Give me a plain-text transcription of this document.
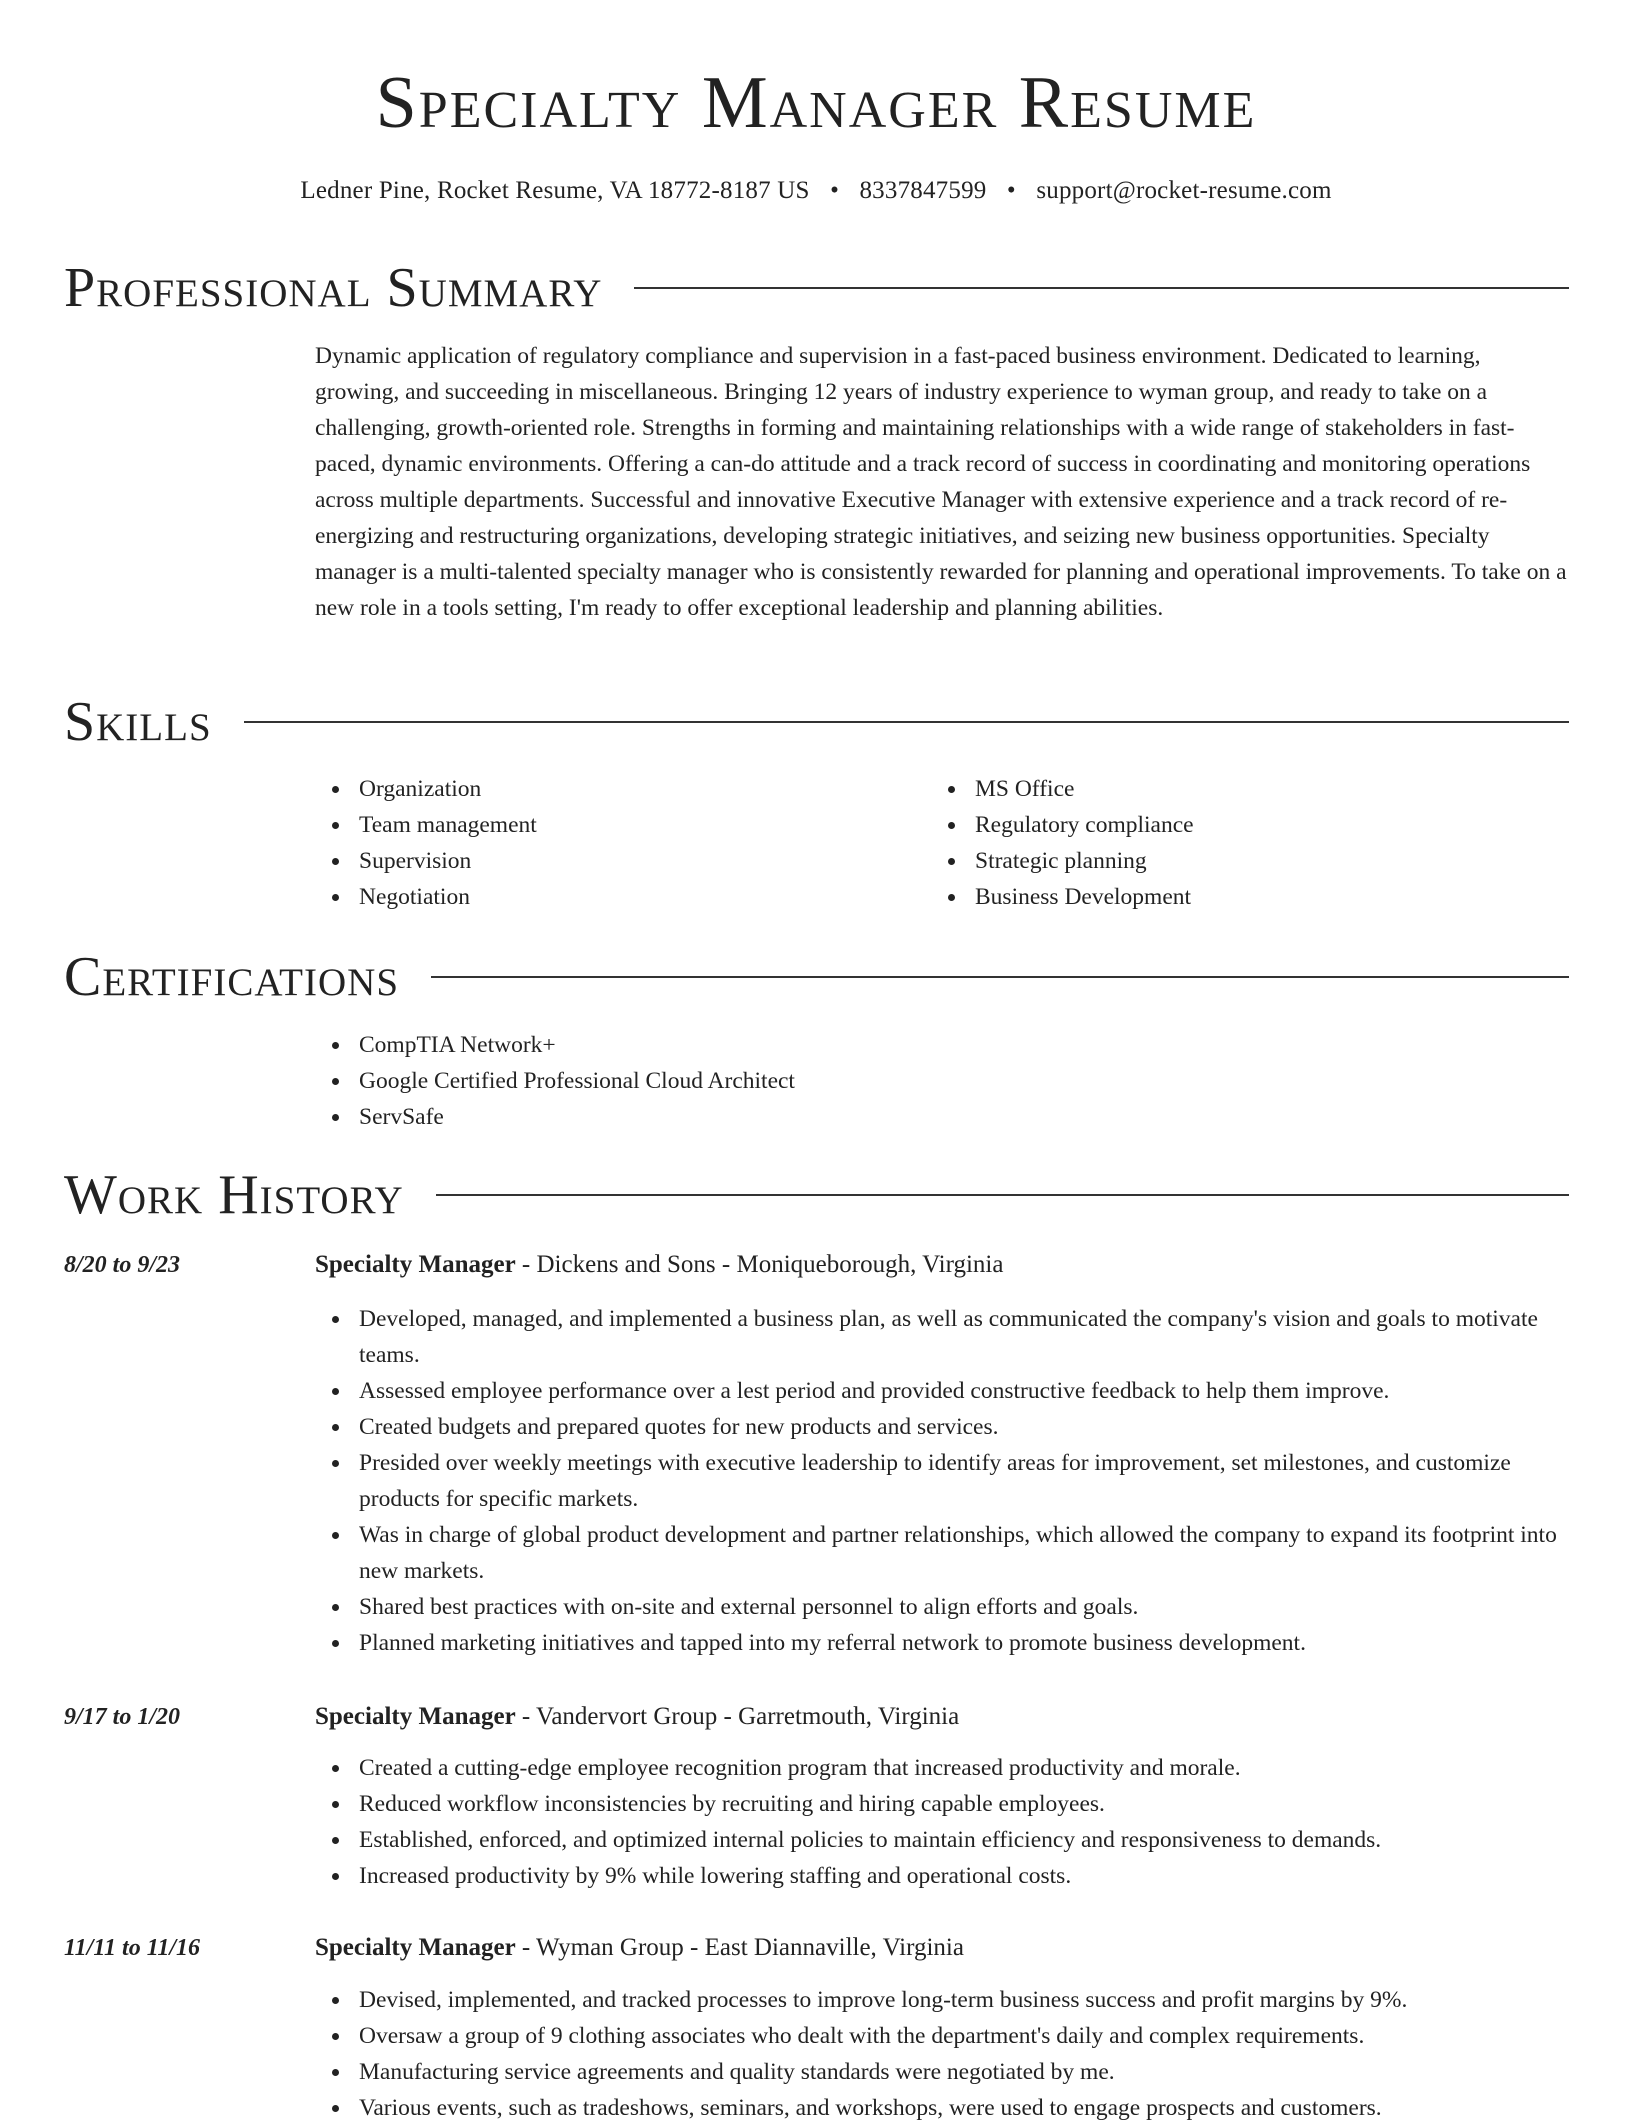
Specialty Manager Resume
Ledner Pine, Rocket Resume, VA 18772-8187 US • 8337847599 • support@rocket-resume.com
Professional Summary
Dynamic application of regulatory compliance and supervision in a fast-paced business environment. Dedicated to learning, growing, and succeeding in miscellaneous. Bringing 12 years of industry experience to wyman group, and ready to take on a challenging, growth-oriented role. Strengths in forming and maintaining relationships with a wide range of stakeholders in fast-paced, dynamic environments. Offering a can-do attitude and a track record of success in coordinating and monitoring operations across multiple departments. Successful and innovative Executive Manager with extensive experience and a track record of re-energizing and restructuring organizations, developing strategic initiatives, and seizing new business opportunities. Specialty manager is a multi-talented specialty manager who is consistently rewarded for planning and operational improvements. To take on a new role in a tools setting, I'm ready to offer exceptional leadership and planning abilities.
Skills
Organization
Team management
Supervision
Negotiation
MS Office
Regulatory compliance
Strategic planning
Business Development
Certifications
CompTIA Network+
Google Certified Professional Cloud Architect
ServSafe
Work History
8/20 to 9/23	Specialty Manager - Dickens and Sons - Moniqueborough, Virginia
Developed, managed, and implemented a business plan, as well as communicated the company's vision and goals to motivate teams.
Assessed employee performance over a lest period and provided constructive feedback to help them improve.
Created budgets and prepared quotes for new products and services.
Presided over weekly meetings with executive leadership to identify areas for improvement, set milestones, and customize products for specific markets.
Was in charge of global product development and partner relationships, which allowed the company to expand its footprint into new markets.
Shared best practices with on-site and external personnel to align efforts and goals.
Planned marketing initiatives and tapped into my referral network to promote business development.
9/17 to 1/20	Specialty Manager - Vandervort Group - Garretmouth, Virginia
Created a cutting-edge employee recognition program that increased productivity and morale.
Reduced workflow inconsistencies by recruiting and hiring capable employees.
Established, enforced, and optimized internal policies to maintain efficiency and responsiveness to demands.
Increased productivity by 9% while lowering staffing and operational costs.
11/11 to 11/16	Specialty Manager - Wyman Group - East Diannaville, Virginia
Devised, implemented, and tracked processes to improve long-term business success and profit margins by 9%.
Oversaw a group of 9 clothing associates who dealt with the department's daily and complex requirements.
Manufacturing service agreements and quality standards were negotiated by me.
Various events, such as tradeshows, seminars, and workshops, were used to engage prospects and customers.
